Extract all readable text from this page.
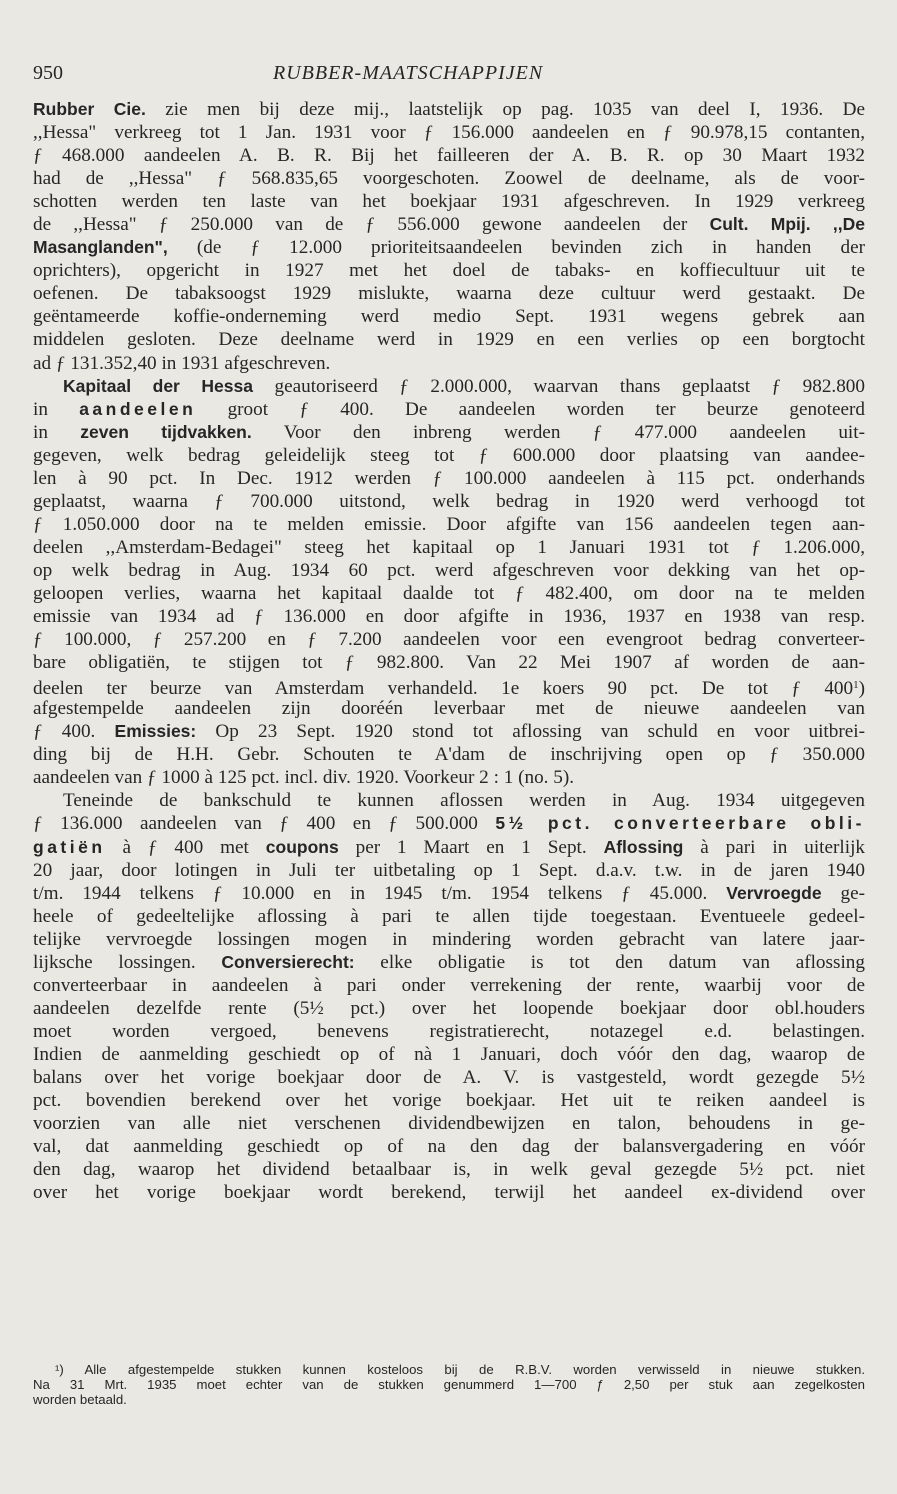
950	RUBBER-MAATSCHAPPIJEN
Rubber Cie. zie men bij deze mij., laatstelijk op pag. 1035 van deel I, 1936. De
,,Hessa" verkreeg tot 1 Jan. 1931 voor ƒ 156.000 aandeelen en ƒ 90.978,15 contanten,
ƒ 468.000 aandeelen A. B. R. Bij het failleeren der A. B. R. op 30 Maart 1932
had de ,,Hessa" ƒ 568.835,65 voorgeschoten. Zoowel de deelname, als de voor-
schotten werden ten laste van het boekjaar 1931 afgeschreven. In 1929 verkreeg
de ,,Hessa" ƒ 250.000 van de ƒ 556.000 gewone aandeelen der Cult. Mpij. ,,De
Masanglanden", (de ƒ 12.000 prioriteitsaandeelen bevinden zich in handen der
oprichters), opgericht in 1927 met het doel de tabaks- en koffiecultuur uit te
oefenen. De tabaksoogst 1929 mislukte, waarna deze cultuur werd gestaakt. De
geëntameerde koffie-onderneming werd medio Sept. 1931 wegens gebrek aan
middelen gesloten. Deze deelname werd in 1929 en een verlies op een borgtocht
ad ƒ 131.352,40 in 1931 afgeschreven.
Kapitaal der Hessa geautoriseerd ƒ 2.000.000, waarvan thans geplaatst ƒ 982.800
in aandeelen groot ƒ 400. De aandeelen worden ter beurze genoteerd
in zeven tijdvakken. Voor den inbreng werden ƒ 477.000 aandeelen uit-
gegeven, welk bedrag geleidelijk steeg tot ƒ 600.000 door plaatsing van aandee-
len à 90 pct. In Dec. 1912 werden ƒ 100.000 aandeelen à 115 pct. onderhands
geplaatst, waarna ƒ 700.000 uitstond, welk bedrag in 1920 werd verhoogd tot
ƒ 1.050.000 door na te melden emissie. Door afgifte van 156 aandeelen tegen aan-
deelen ,,Amsterdam-Bedagei" steeg het kapitaal op 1 Januari 1931 tot ƒ 1.206.000,
op welk bedrag in Aug. 1934 60 pct. werd afgeschreven voor dekking van het op-
geloopen verlies, waarna het kapitaal daalde tot ƒ 482.400, om door na te melden
emissie van 1934 ad ƒ 136.000 en door afgifte in 1936, 1937 en 1938 van resp.
ƒ 100.000, ƒ 257.200 en ƒ 7.200 aandeelen voor een evengroot bedrag converteer-
bare obligatiën, te stijgen tot ƒ 982.800. Van 22 Mei 1907 af worden de aan-
deelen ter beurze van Amsterdam verhandeld. 1e koers 90 pct. De tot ƒ $400^1$)
afgestempelde aandeelen zijn dooréén leverbaar met de nieuwe aandeelen van
ƒ 400. Emissies: Op 23 Sept. 1920 stond tot aflossing van schuld en voor uitbrei-
ding bij de H.H. Gebr. Schouten te A'dam de inschrijving open op ƒ 350.000
aandeelen van ƒ 1000 à 125 pct. incl. div. 1920. Voorkeur 2 : 1 (no. 5).
Teneinde de bankschuld te kunnen aflossen werden in Aug. 1934 uitgegeven
ƒ 136.000 aandeelen van ƒ 400 en ƒ 500.000 5½ pct. converteerbare obli-
gatiën à ƒ 400 met coupons per 1 Maart en 1 Sept. Aflossing à pari in uiterlijk
20 jaar, door lotingen in Juli ter uitbetaling op 1 Sept. d.a.v. t.w. in de jaren 1940
t/m. 1944 telkens ƒ 10.000 en in 1945 t/m. 1954 telkens ƒ 45.000. Vervroegde ge-
heele of gedeeltelijke aflossing à pari te allen tijde toegestaan. Eventueele gedeel-
telijke vervroegde lossingen mogen in mindering worden gebracht van latere jaar-
lijksche lossingen. Conversierecht: elke obligatie is tot den datum van aflossing
converteerbaar in aandeelen à pari onder verrekening der rente, waarbij voor de
aandeelen dezelfde rente (5½ pct.) over het loopende boekjaar door obl.houders
moet worden vergoed, benevens registratierecht, notazegel e.d. belastingen.
Indien de aanmelding geschiedt op of nà 1 Januari, doch vóór den dag, waarop de
balans over het vorige boekjaar door de A. V. is vastgesteld, wordt gezegde 5½
pct. bovendien berekend over het vorige boekjaar. Het uit te reiken aandeel is
voorzien van alle niet verschenen dividendbewijzen en talon, behoudens in ge-
val, dat aanmelding geschiedt op of na den dag der balansvergadering en vóór
den dag, waarop het dividend betaalbaar is, in welk geval gezegde 5½ pct. niet
over het vorige boekjaar wordt berekend, terwijl het aandeel ex-dividend over
¹) Alle afgestempelde stukken kunnen kosteloos bij de R.B.V. worden verwisseld in nieuwe stukken.
Na 31 Mrt. 1935 moet echter van de stukken genummerd 1—700 ƒ 2,50 per stuk aan zegelkosten
worden betaald.
